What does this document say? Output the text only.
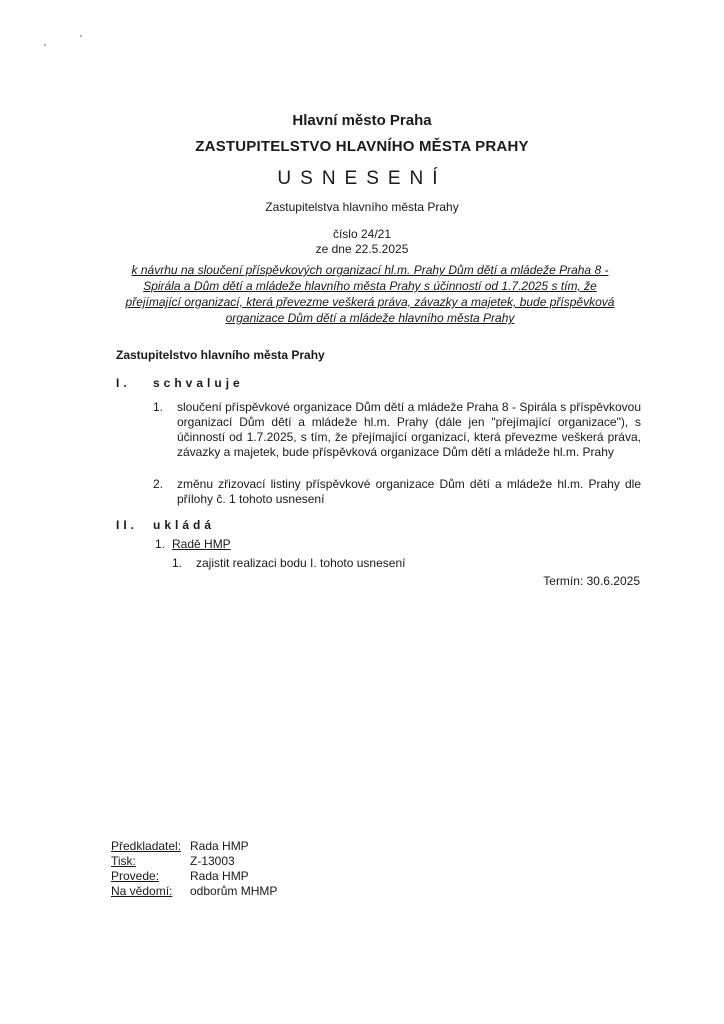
Hlavní město Praha
ZASTUPITELSTVO HLAVNÍHO MĚSTA PRAHY
USNESENÍ
Zastupitelstva hlavního města Prahy
číslo 24/21
ze dne 22.5.2025
k návrhu na sloučení příspěvkových organizací hl.m. Prahy Dům dětí a mládeže Praha 8 - Spirála a Dům dětí a mládeže hlavního města Prahy s účinností od 1.7.2025 s tím, že přejímající organizací, která převezme veškerá práva, závazky a majetek, bude příspěvková organizace Dům dětí a mládeže hlavního města Prahy
Zastupitelstvo hlavního města Prahy
I. schvaluje
1. sloučení příspěvkové organizace Dům dětí a mládeže Praha 8 - Spirála s příspěvkovou organizací Dům dětí a mládeže hl.m. Prahy (dále jen "přejímající organizace"), s účinností od 1.7.2025, s tím, že přejímající organizací, která převezme veškerá práva, závazky a majetek, bude příspěvková organizace Dům dětí a mládeže hl.m. Prahy
2. změnu zřizovací listiny příspěvkové organizace Dům dětí a mládeže hl.m. Prahy dle přílohy č. 1 tohoto usnesení
II. ukládá
1. Radě HMP
1. zajistit realizaci bodu I. tohoto usnesení
Termín: 30.6.2025
Předkladatel: Rada HMP
Tisk:	Z-13003
Provede:	Rada HMP
Na vědomí: odborům MHMP
